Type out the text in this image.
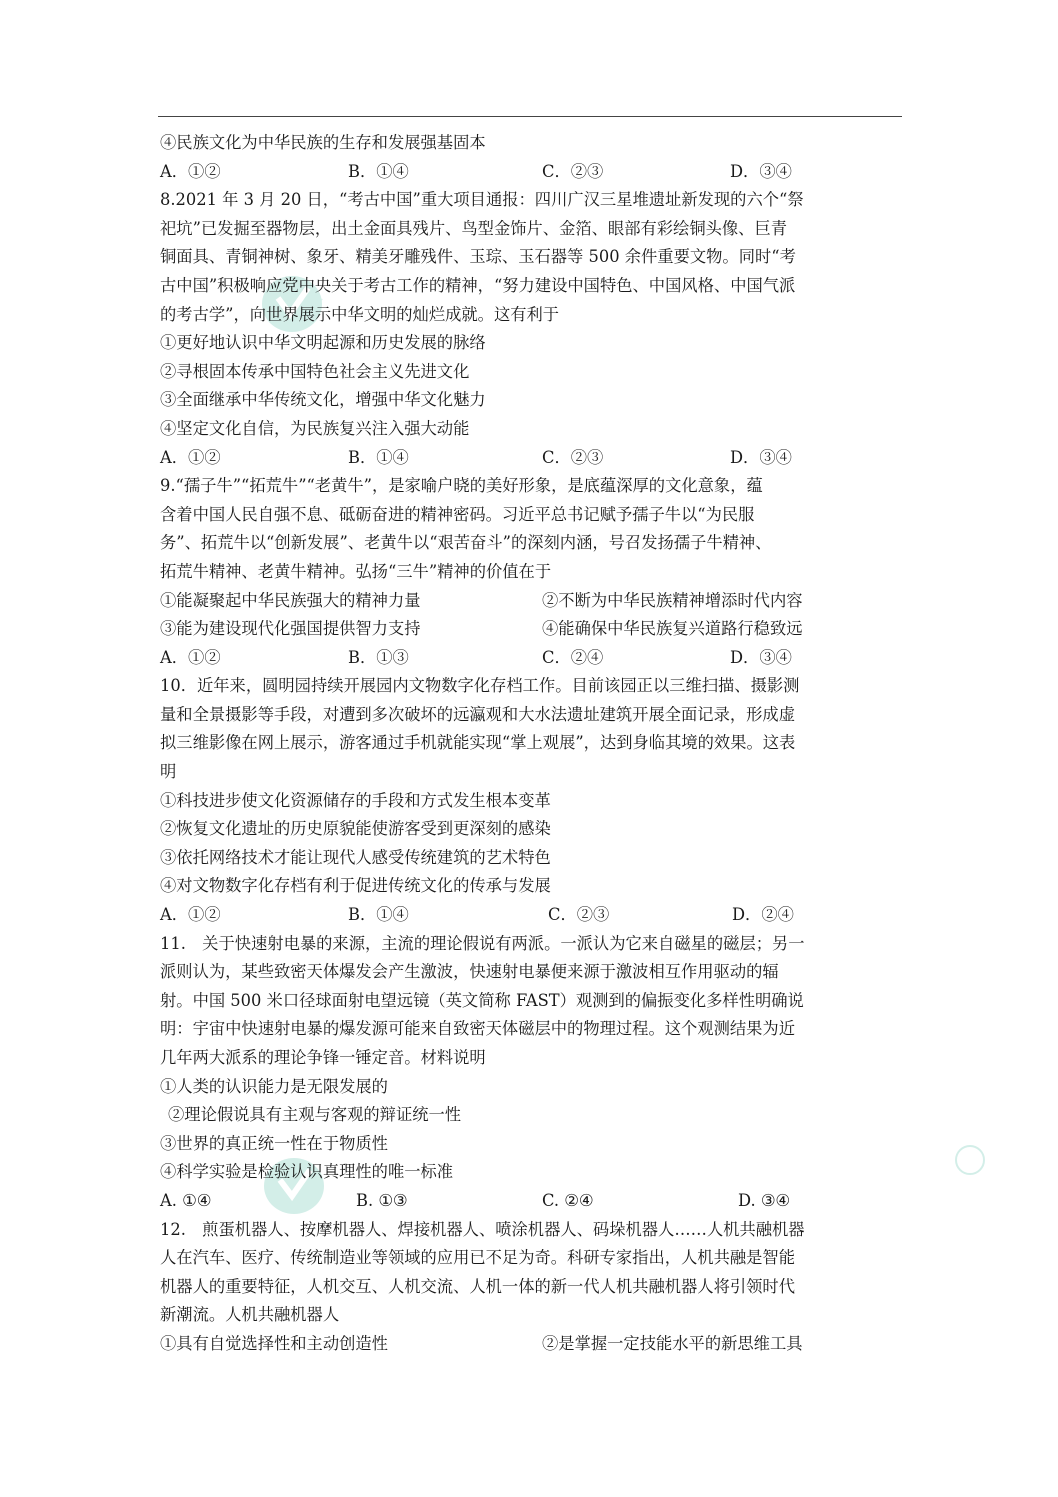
题
④民族文化为中华民族的生存和发展强基固本
A．①②	B．①④	C．②③	D．③④
8.2021 年 3 月 20 日，“考古中国”重大项目通报：四川广汉三星堆遗址新发现的六个“祭
祀坑”已发掘至器物层，出土金面具残片、鸟型金饰片、金箔、眼部有彩绘铜头像、巨青
铜面具、青铜神树、象牙、精美牙雕残件、玉琮、玉石器等 500 余件重要文物。同时“考
古中国”积极响应党中央关于考古工作的精神，“努力建设中国特色、中国风格、中国气派
的考古学”，向世界展示中华文明的灿烂成就。这有利于
①更好地认识中华文明起源和历史发展的脉络
②寻根固本传承中国特色社会主义先进文化
③全面继承中华传统文化，增强中华文化魅力
④坚定文化自信，为民族复兴注入强大动能
A．①②	B．①④	C．②③	D．③④
9.“孺子牛”“拓荒牛”“老黄牛”，是家喻户晓的美好形象，是底蕴深厚的文化意象，蕴
含着中国人民自强不息、砥砺奋进的精神密码。习近平总书记赋予孺子牛以“为民服
务”、拓荒牛以“创新发展”、老黄牛以“艰苦奋斗”的深刻内涵，号召发扬孺子牛精神、
拓荒牛精神、老黄牛精神。弘扬“三牛”精神的价值在于
①能凝聚起中华民族强大的精神力量	②不断为中华民族精神增添时代内容
③能为建设现代化强国提供智力支持	④能确保中华民族复兴道路行稳致远
A．①②	B．①③	C．②④	D．③④
10．近年来，圆明园持续开展园内文物数字化存档工作。目前该园正以三维扫描、摄影测
量和全景摄影等手段，对遭到多次破坏的远瀛观和大水法遗址建筑开展全面记录，形成虚
拟三维影像在网上展示，游客通过手机就能实现“掌上观展”，达到身临其境的效果。这表
明
①科技进步使文化资源储存的手段和方式发生根本变革
②恢复文化遗址的历史原貌能使游客受到更深刻的感染
③依托网络技术才能让现代人感受传统建筑的艺术特色
④对文物数字化存档有利于促进传统文化的传承与发展
A．①②	B．①④	C．②③	D．②④
11.　关于快速射电暴的来源，主流的理论假说有两派。一派认为它来自磁星的磁层；另一
派则认为，某些致密天体爆发会产生激波，快速射电暴便来源于激波相互作用驱动的辐
射。中国 500 米口径球面射电望远镜（英文简称 FAST）观测到的偏振变化多样性明确说
明：宇宙中快速射电暴的爆发源可能来自致密天体磁层中的物理过程。这个观测结果为近
几年两大派系的理论争锋一锤定音。材料说明
①人类的认识能力是无限发展的
②理论假说具有主观与客观的辩证统一性
③世界的真正统一性在于物质性
④科学实验是检验认识真理性的唯一标准
A. ①④	B. ①③	C. ②④	D. ③④
12.　煎蛋机器人、按摩机器人、焊接机器人、喷涂机器人、码垛机器人……人机共融机器
人在汽车、医疗、传统制造业等领域的应用已不足为奇。科研专家指出，人机共融是智能
机器人的重要特征，人机交互、人机交流、人机一体的新一代人机共融机器人将引领时代
新潮流。人机共融机器人
①具有自觉选择性和主动创造性	②是掌握一定技能水平的新思维工具
